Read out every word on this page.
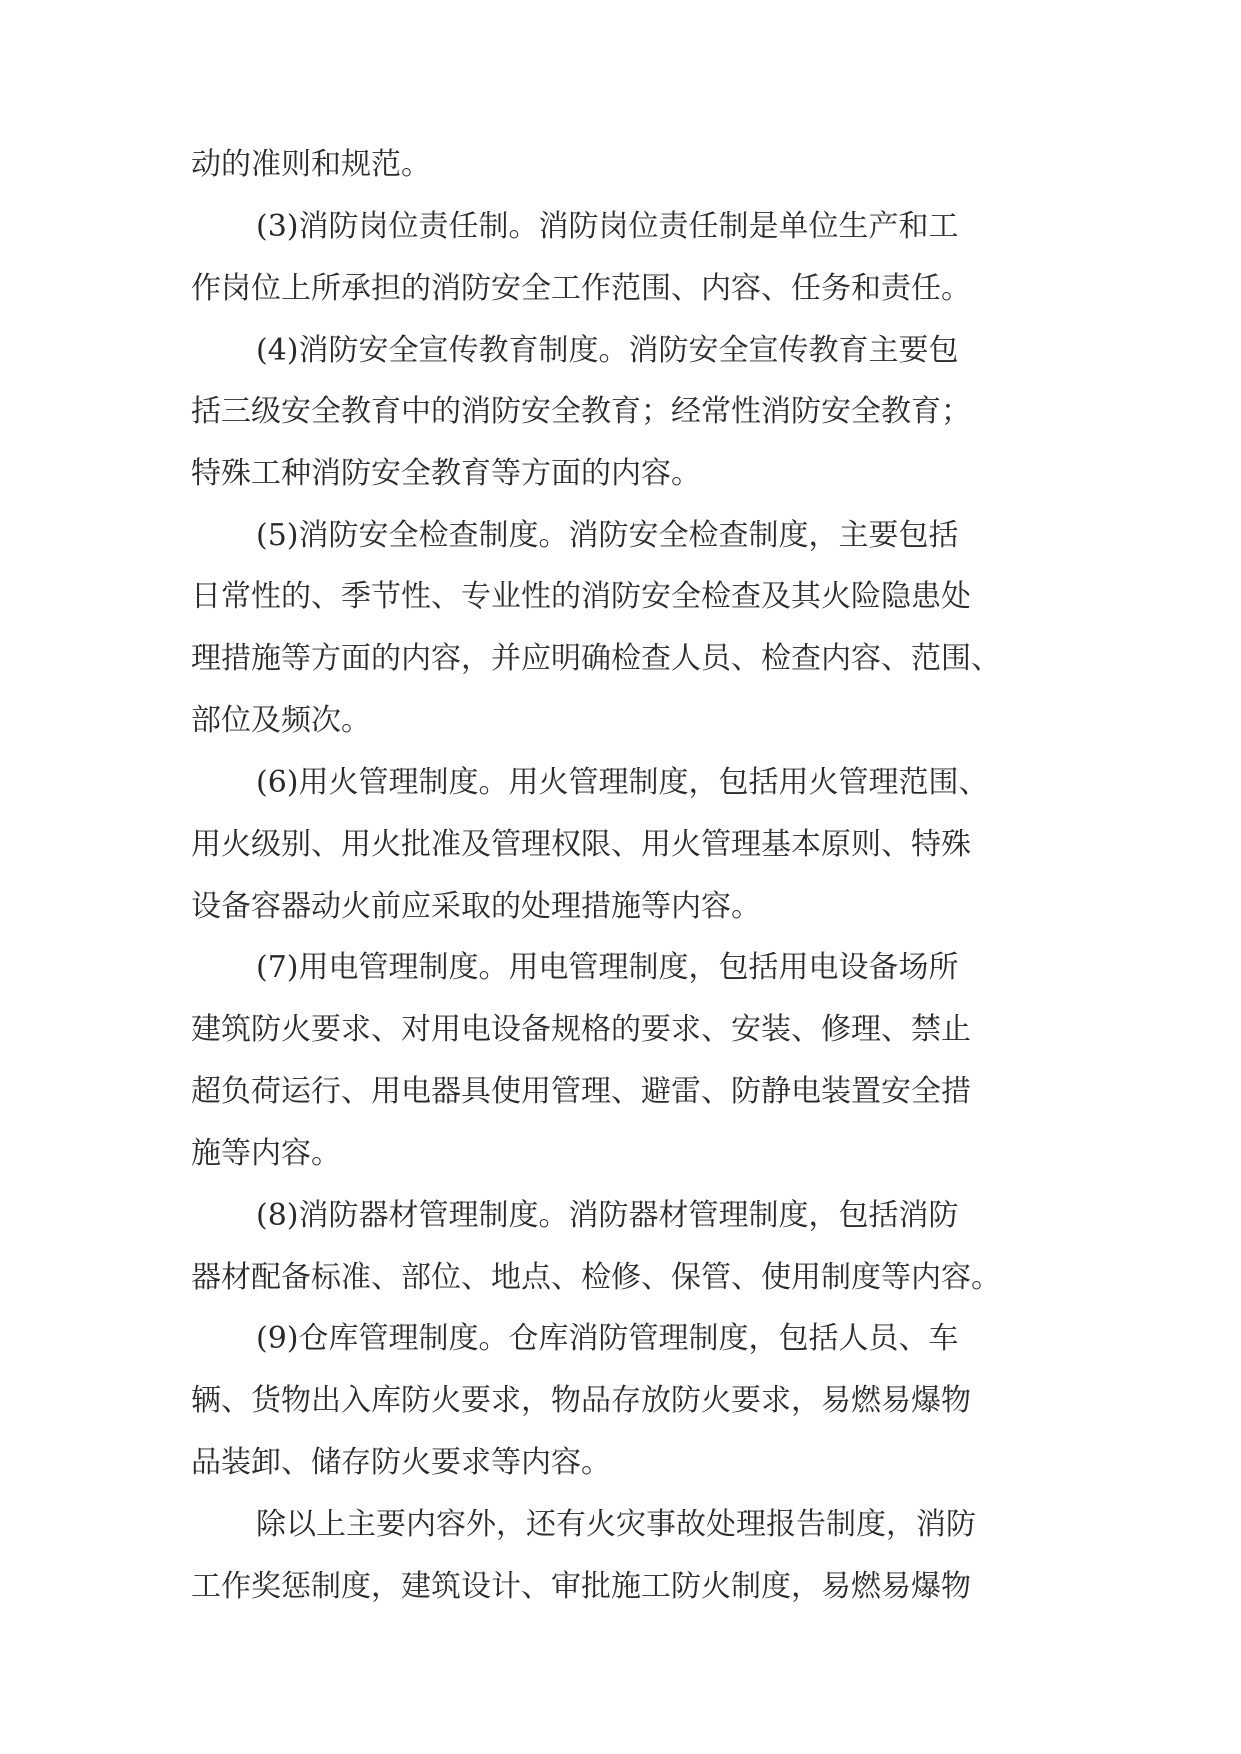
动的准则和规范。
(3)消防岗位责任制。消防岗位责任制是单位生产和工
作岗位上所承担的消防安全工作范围、内容、任务和责任。
(4)消防安全宣传教育制度。消防安全宣传教育主要包
括三级安全教育中的消防安全教育；经常性消防安全教育；
特殊工种消防安全教育等方面的内容。
(5)消防安全检查制度。消防安全检查制度，主要包括
日常性的、季节性、专业性的消防安全检查及其火险隐患处
理措施等方面的内容，并应明确检查人员、检查内容、范围、
部位及频次。
(6)用火管理制度。用火管理制度，包括用火管理范围、
用火级别、用火批准及管理权限、用火管理基本原则、特殊
设备容器动火前应采取的处理措施等内容。
(7)用电管理制度。用电管理制度，包括用电设备场所
建筑防火要求、对用电设备规格的要求、安装、修理、禁止
超负荷运行、用电器具使用管理、避雷、防静电装置安全措
施等内容。
(8)消防器材管理制度。消防器材管理制度，包括消防
器材配备标准、部位、地点、检修、保管、使用制度等内容。
(9)仓库管理制度。仓库消防管理制度，包括人员、车
辆、货物出入库防火要求，物品存放防火要求，易燃易爆物
品装卸、储存防火要求等内容。
除以上主要内容外，还有火灾事故处理报告制度，消防
工作奖惩制度，建筑设计、审批施工防火制度，易燃易爆物
